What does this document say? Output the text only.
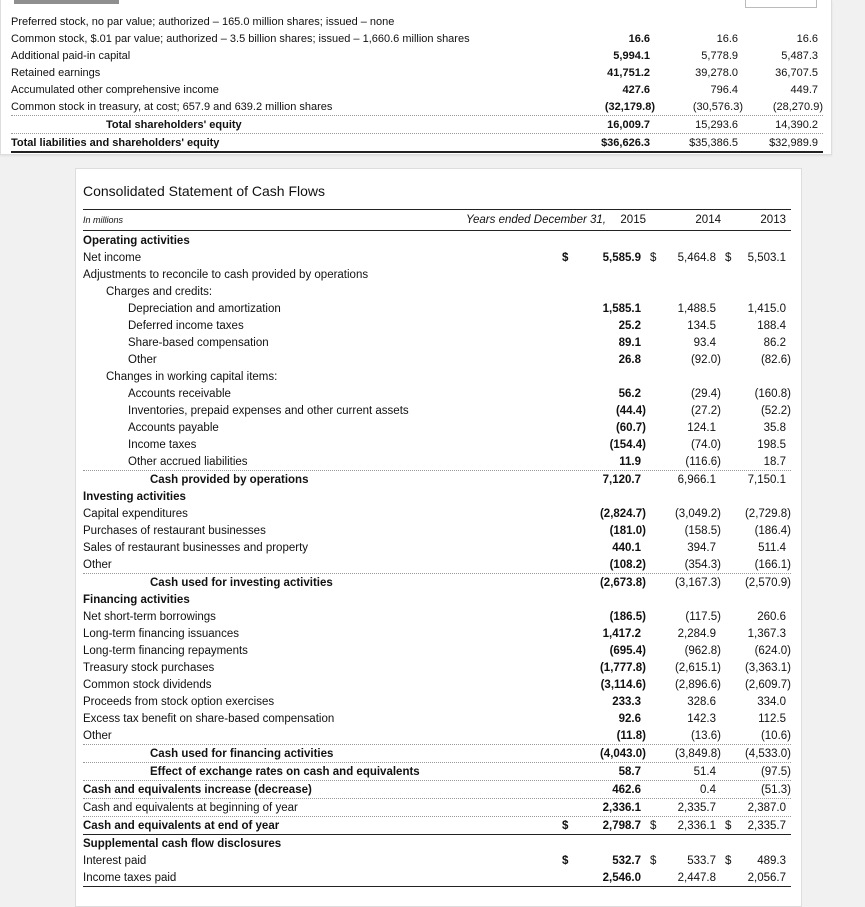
Preferred stock, no par value; authorized – 165.0 million shares; issued – none
Common stock, $.01 par value; authorized – 3.5 billion shares; issued – 1,660.6 million shares	16.6	16.6	16.6
Additional paid-in capital	5,994.1	5,778.9	5,487.3
Retained earnings	41,751.2	39,278.0	36,707.5
Accumulated other comprehensive income	427.6	796.4	449.7
Common stock in treasury, at cost; 657.9 and 639.2 million shares	(32,179.8)	(30,576.3)	(28,270.9)
Total shareholders' equity	16,009.7	15,293.6	14,390.2
Total liabilities and shareholders' equity	$36,626.3	$35,386.5	$32,989.9
Consolidated Statement of Cash Flows
In millions	Years ended December 31,	2015	2014	2013
Operating activities
Net income	$	5,585.9 $ 5,464.8 $ 5,503.1
Adjustments to reconcile to cash provided by operations
Charges and credits:
Depreciation and amortization	1,585.1	1,488.5	1,415.0
Deferred income taxes	25.2	134.5	188.4
Share-based compensation	89.1	93.4	86.2
Other	26.8	(92.0)	(82.6)
Changes in working capital items:
Accounts receivable	56.2	(29.4)	(160.8)
Inventories, prepaid expenses and other current assets	(44.4)	(27.2)	(52.2)
Accounts payable	(60.7)	124.1	35.8
Income taxes	(154.4)	(74.0)	198.5
Other accrued liabilities	11.9	(116.6)	18.7
Cash provided by operations	7,120.7	6,966.1	7,150.1
Investing activities
Capital expenditures	(2,824.7)	(3,049.2)	(2,729.8)
Purchases of restaurant businesses	(181.0)	(158.5)	(186.4)
Sales of restaurant businesses and property	440.1	394.7	511.4
Other	(108.2)	(354.3)	(166.1)
Cash used for investing activities	(2,673.8)	(3,167.3)	(2,570.9)
Financing activities
Net short-term borrowings	(186.5)	(117.5)	260.6
Long-term financing issuances	1,417.2	2,284.9	1,367.3
Long-term financing repayments	(695.4)	(962.8)	(624.0)
Treasury stock purchases	(1,777.8)	(2,615.1)	(3,363.1)
Common stock dividends	(3,114.6)	(2,896.6)	(2,609.7)
Proceeds from stock option exercises	233.3	328.6	334.0
Excess tax benefit on share-based compensation	92.6	142.3	112.5
Other	(11.8)	(13.6)	(10.6)
Cash used for financing activities	(4,043.0)	(3,849.8)	(4,533.0)
Effect of exchange rates on cash and equivalents	58.7	51.4	(97.5)
Cash and equivalents increase (decrease)	462.6	0.4	(51.3)
Cash and equivalents at beginning of year	2,336.1	2,335.7	2,387.0
Cash and equivalents at end of year	$	2,798.7 $ 2,336.1 $ 2,335.7
Supplemental cash flow disclosures
Interest paid	$	532.7 $	533.7 $ 489.3
Income taxes paid	2,546.0	2,447.8	2,056.7
